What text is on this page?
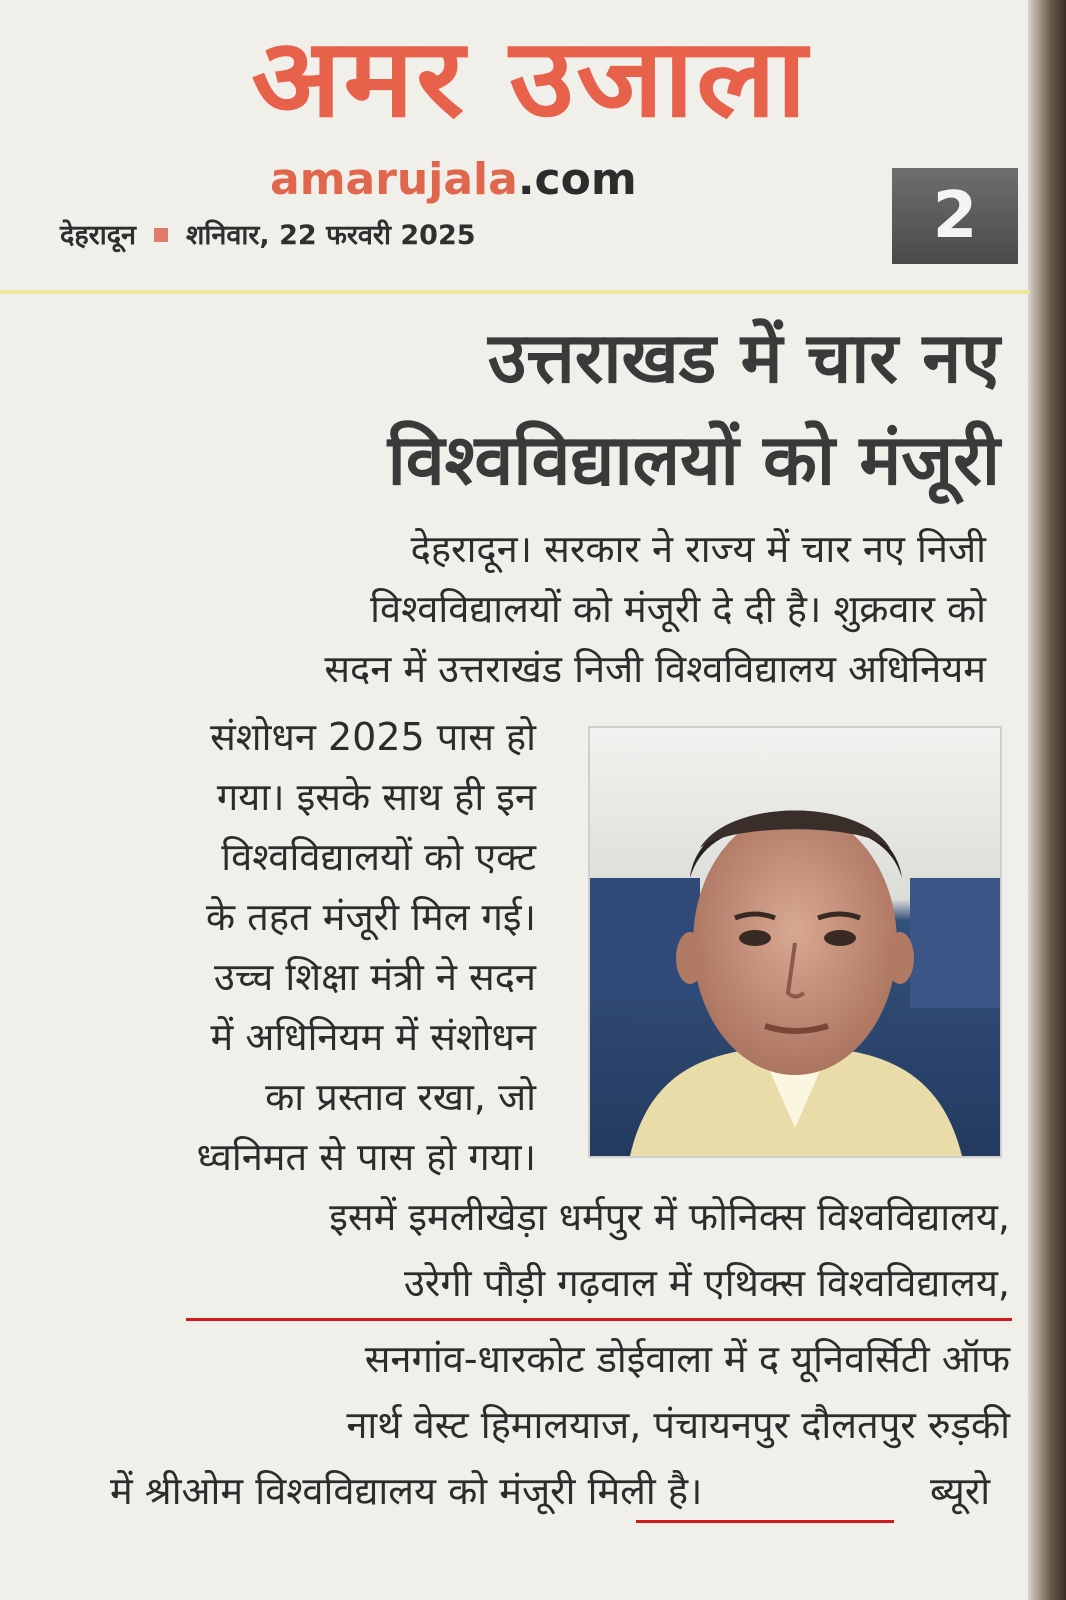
अमर उजाला
amarujala.com
देहरादून शनिवार, 22 फरवरी 2025	2
उत्तराखड में चार नए
विश्वविद्यालयों को मंजूरी
देहरादून। सरकार ने राज्य में चार नए निजी
विश्वविद्यालयों को मंजूरी दे दी है। शुक्रवार को
सदन में उत्तराखंड निजी विश्वविद्यालय अधिनियम
संशोधन 2025 पास हो
गया। इसके साथ ही इन
विश्वविद्यालयों को एक्ट
के तहत मंजूरी मिल गई।
उच्च शिक्षा मंत्री ने सदन
में अधिनियम में संशोधन
का प्रस्ताव रखा, जो
ध्वनिमत से पास हो गया।
इसमें इमलीखेड़ा धर्मपुर में फोनिक्स विश्वविद्यालय,
उरेगी पौड़ी गढ़वाल में एथिक्स विश्वविद्यालय,
सनगांव-धारकोट डोईवाला में द यूनिवर्सिटी ऑफ
नार्थ वेस्ट हिमालयाज, पंचायनपुर दौलतपुर रुड़की
में श्रीओम विश्वविद्यालय को मंजूरी मिली है।	ब्यूरो
